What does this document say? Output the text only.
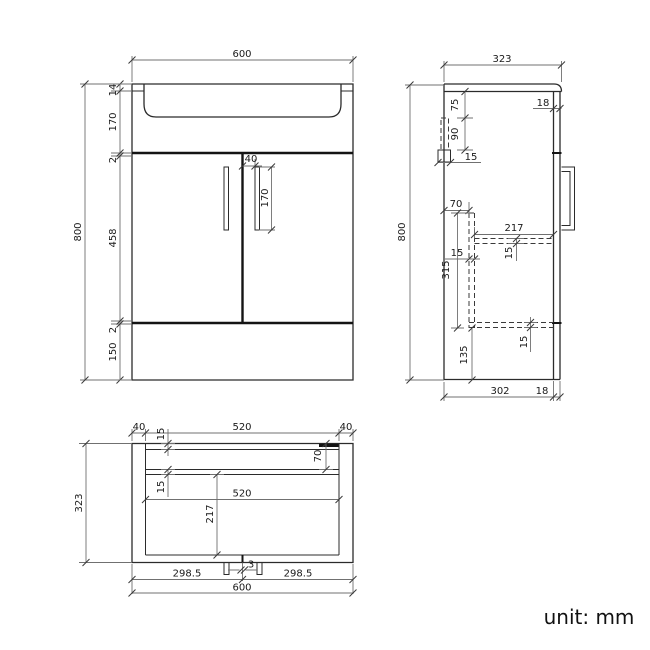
600
14
170
2
458
2
150
800
40
170
323
800
18
75
90
15
70
217
15
15
315
15
135
302	18
40	520	40
15
70
15
520
217
3
298.5	298.5
600
323
unit: mm
